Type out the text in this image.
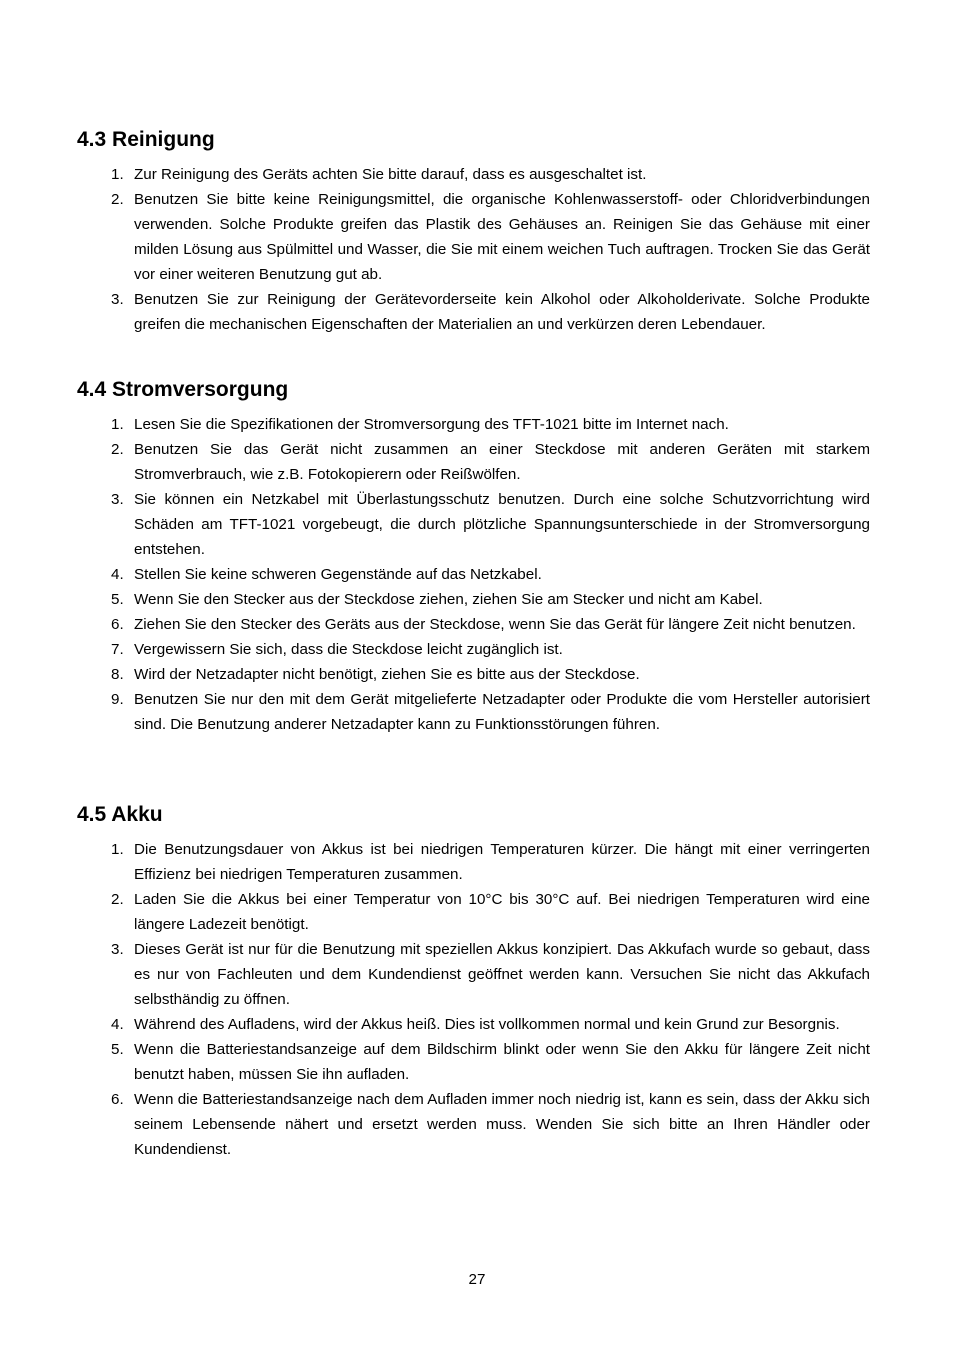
4.3 Reinigung
1. Zur Reinigung des Geräts achten Sie bitte darauf, dass es ausgeschaltet ist.
2. Benutzen Sie bitte keine Reinigungsmittel, die organische Kohlenwasserstoff- oder Chloridverbindungen verwenden. Solche Produkte greifen das Plastik des Gehäuses an. Reinigen Sie das Gehäuse mit einer milden Lösung aus Spülmittel und Wasser, die Sie mit einem weichen Tuch auftragen. Trocken Sie das Gerät vor einer weiteren Benutzung gut ab.
3. Benutzen Sie zur Reinigung der Gerätevorderseite kein Alkohol oder Alkoholderivate. Solche Produkte greifen die mechanischen Eigenschaften der Materialien an und verkürzen deren Lebendauer.
4.4 Stromversorgung
1. Lesen Sie die Spezifikationen der Stromversorgung des TFT-1021 bitte im Internet nach.
2. Benutzen Sie das Gerät nicht zusammen an einer Steckdose mit anderen Geräten mit starkem Stromverbrauch, wie z.B. Fotokopierern oder Reißwölfen.
3. Sie können ein Netzkabel mit Überlastungsschutz benutzen. Durch eine solche Schutzvorrichtung wird Schäden am TFT-1021 vorgebeugt, die durch plötzliche Spannungsunterschiede in der Stromversorgung entstehen.
4. Stellen Sie keine schweren Gegenstände auf das Netzkabel.
5. Wenn Sie den Stecker aus der Steckdose ziehen, ziehen Sie am Stecker und nicht am Kabel.
6. Ziehen Sie den Stecker des Geräts aus der Steckdose, wenn Sie das Gerät für längere Zeit nicht benutzen.
7. Vergewissern Sie sich, dass die Steckdose leicht zugänglich ist.
8. Wird der Netzadapter nicht benötigt, ziehen Sie es bitte aus der Steckdose.
9. Benutzen Sie nur den mit dem Gerät mitgelieferte Netzadapter oder Produkte die vom Hersteller autorisiert sind. Die Benutzung anderer Netzadapter kann zu Funktionsstörungen führen.
4.5 Akku
1. Die Benutzungsdauer von Akkus ist bei niedrigen Temperaturen kürzer. Die hängt mit einer verringerten Effizienz bei niedrigen Temperaturen zusammen.
2. Laden Sie die Akkus bei einer Temperatur von 10°C bis 30°C auf. Bei niedrigen Temperaturen wird eine längere Ladezeit benötigt.
3. Dieses Gerät ist nur für die Benutzung mit speziellen Akkus konzipiert. Das Akkufach wurde so gebaut, dass es nur von Fachleuten und dem Kundendienst geöffnet werden kann. Versuchen Sie nicht das Akkufach selbsthändig zu öffnen.
4. Während des Aufladens, wird der Akkus heiß. Dies ist vollkommen normal und kein Grund zur Besorgnis.
5. Wenn die Batteriestandsanzeige auf dem Bildschirm blinkt oder wenn Sie den Akku für längere Zeit nicht benutzt haben, müssen Sie ihn aufladen.
6. Wenn die Batteriestandsanzeige nach dem Aufladen immer noch niedrig ist, kann es sein, dass der Akku sich seinem Lebensende nähert und ersetzt werden muss. Wenden Sie sich bitte an Ihren Händler oder Kundendienst.
27
